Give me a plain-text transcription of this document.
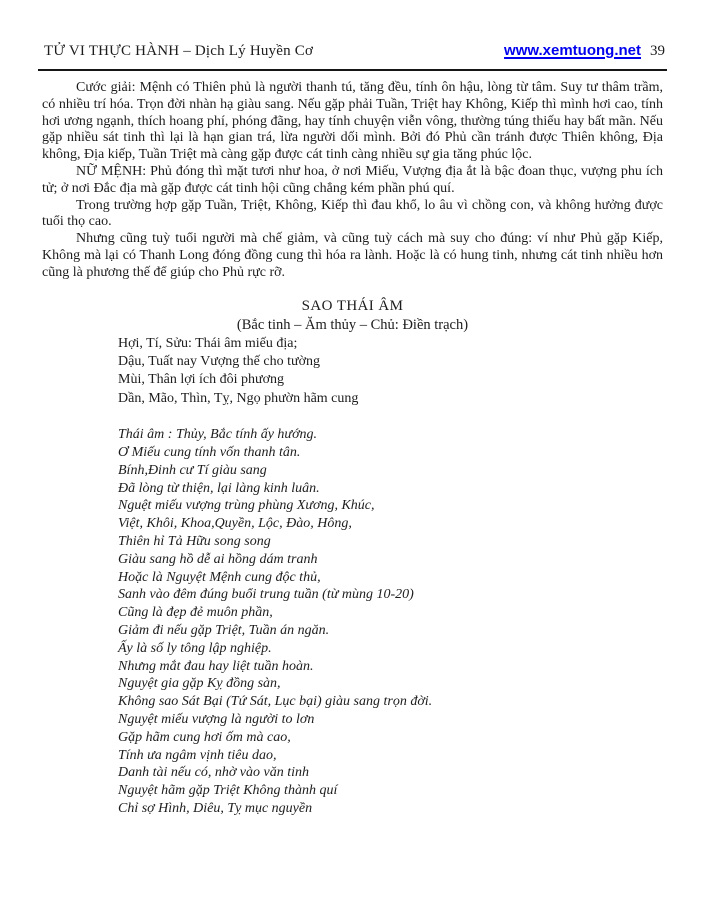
TỬ VI THỰC HÀNH – Dịch Lý Huyền Cơ	www.xemtuong.net 39

Cước giải: Mệnh có Thiên phủ là người thanh tú, tăng đều, tính ôn hậu, lòng từ tâm. Suy tư thâm trầm, có nhiều trí hóa. Trọn đời nhàn hạ giàu sang. Nếu gặp phải Tuần, Triệt hay Không, Kiếp thì mình hơi cao, tính hơi ương ngạnh, thích hoang phí, phóng đãng, hay tính chuyện viễn vông, thường túng thiếu hay bất mãn. Nếu gặp nhiều sát tinh thì lại là hạn gian trá, lừa người dối mình. Bởi đó Phủ cần tránh được Thiên không, Địa không, Địa kiếp, Tuần Triệt mà càng gặp được cát tinh càng nhiều sự gia tăng phúc lộc.

NỮ MỆNH: Phủ đóng thì mặt tươi như hoa, ở nơi Miếu, Vượng địa ắt là bậc đoan thục, vượng phu ích tử; ở nơi Đắc địa mà gặp được cát tinh hội cũng chẳng kém phần phú quí.

Trong trường hợp gặp Tuần, Triệt, Không, Kiếp thì đau khổ, lo âu vì chồng con, và không hưởng được tuổi thọ cao.

Nhưng cũng tuỳ tuổi người mà chế giảm, và cũng tuỳ cách mà suy cho đúng: ví như Phủ gặp Kiếp, Không mà lại có Thanh Long đóng đồng cung thì hóa ra lành. Hoặc là có hung tinh, nhưng cát tinh nhiều hơn cũng là phương thế để giúp cho Phủ rực rỡ.

SAO THÁI ÂM
(Bắc tinh – Ăm thủy – Chủ: Điền trạch)
Hợi, Tí, Sửu: Thái âm miếu địa;
Dậu, Tuất nay Vượng thế cho tường
Mùi, Thân lợi ích đôi phương
Dần, Mão, Thìn, Tỵ, Ngọ phườn hãm cung
Thái âm : Thủy, Bắc tính ấy hướng.
Ơ Miếu cung tính vốn thanh tân.
Bính,Đinh cư Tí giàu sang
Đã lòng từ thiện, lại làng kinh luân.
Nguệt miếu vượng trùng phùng Xương, Khúc,
Việt, Khôi, Khoa,Quyền, Lộc, Đào, Hông,
Thiên hỉ Tả Hữu song song
Giàu sang hồ dễ ai hồng dám tranh
Hoặc là Nguyệt Mệnh cung độc thủ,
Sanh vào đêm đúng buổi trung tuần (từ mùng 10-20)
Cũng là đẹp đẻ muôn phần,
Giảm đi nếu gặp Triệt, Tuần án ngăn.
Ấy là số ly tông lập nghiệp.
Nhưng mắt đau hay liệt tuần hoàn.
Nguyệt gia gặp Kỵ đồng sàn,
Không sao Sát Bại (Tứ Sát, Lục bại) giàu sang trọn đời.
Nguyệt miếu vượng là người to lơn
Gặp hãm cung hơi ốm mà cao,
Tính ưa ngâm vịnh tiêu dao,
Danh tài nếu có, nhờ vào văn tinh
Nguyệt hãm gặp Triệt Không thành quí
Chỉ sợ Hình, Diêu, Tỵ mục nguyền
